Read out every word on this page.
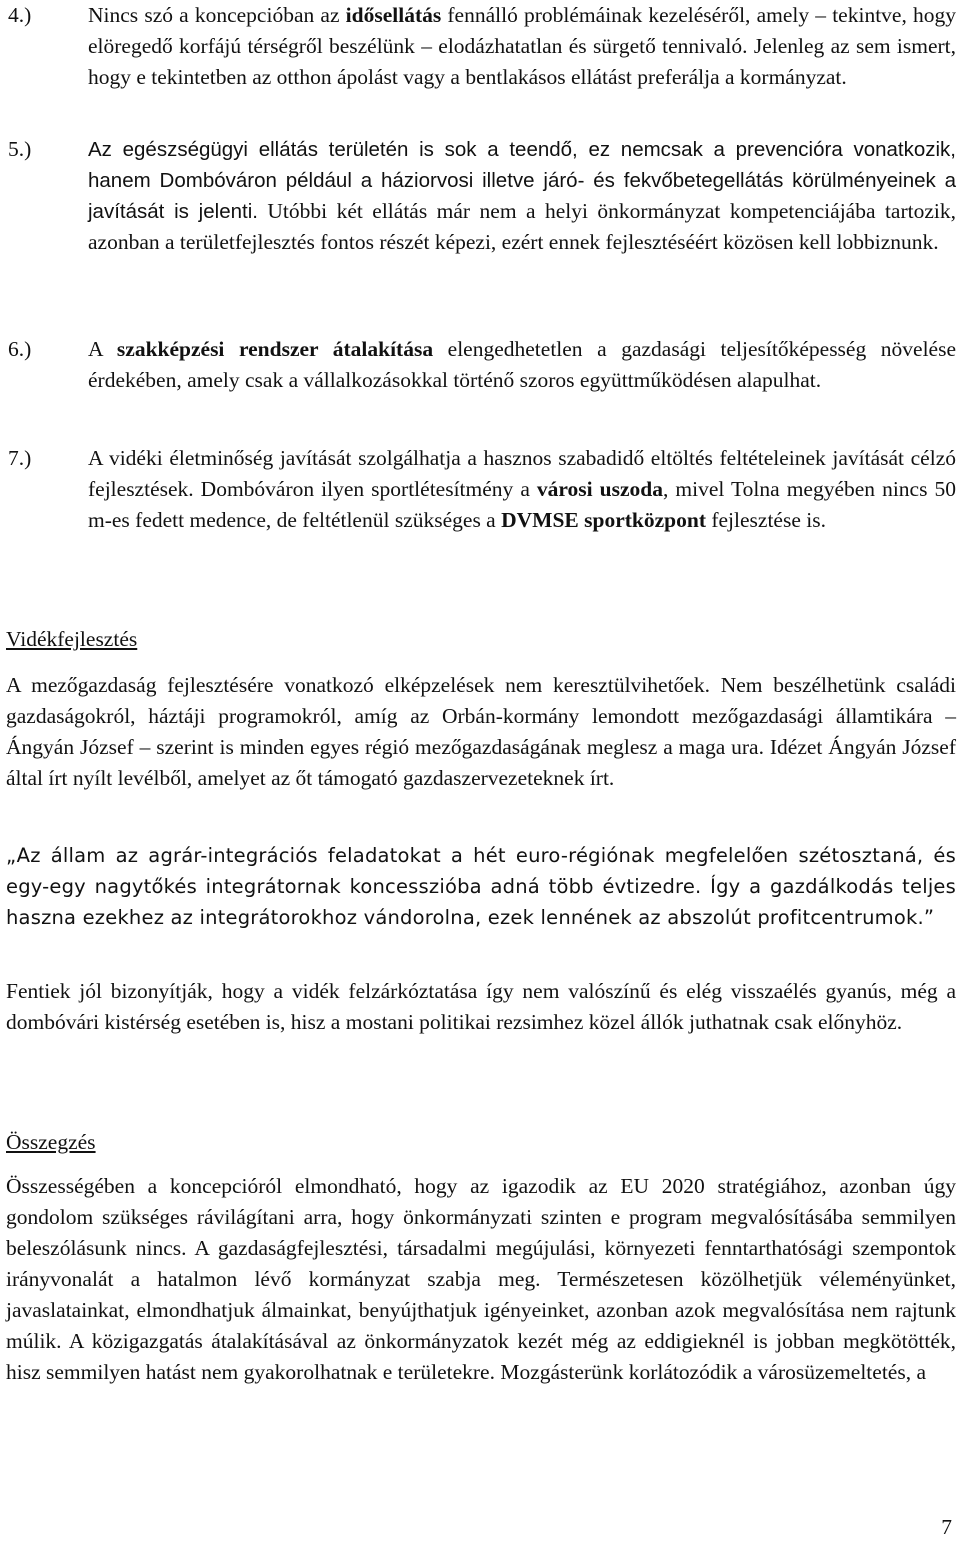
4.)	Nincs szó a koncepcióban az idősellátás fennálló problémáinak kezeléséről, amely – tekintve, hogy elöregedő korfájú térségről beszélünk – elodázhatatlan és sürgető tennivaló. Jelenleg az sem ismert, hogy e tekintetben az otthon ápolást vagy a bentlakásos ellátást preferálja a kormányzat.
5.)	Az egészségügyi ellátás területén is sok a teendő, ez nemcsak a prevencióra vonatkozik, hanem Dombóváron például a háziorvosi illetve járó- és fekvőbetegellátás körülményeinek a javítását is jelenti. Utóbbi két ellátás már nem a helyi önkormányzat kompetenciájába tartozik, azonban a területfejlesztés fontos részét képezi, ezért ennek fejlesztéséért közösen kell lobbiznunk.
6.)	A szakképzési rendszer átalakítása elengedhetetlen a gazdasági teljesítőképesség növelése érdekében, amely csak a vállalkozásokkal történő szoros együttműködésen alapulhat.
7.)	A vidéki életminőség javítását szolgálhatja a hasznos szabadidő eltöltés feltételeinek javítását célzó fejlesztések. Dombóváron ilyen sportlétesítmény a városi uszoda, mivel Tolna megyében nincs 50 m-es fedett medence, de feltétlenül szükséges a DVMSE sportközpont fejlesztése is.
Vidékfejlesztés
A mezőgazdaság fejlesztésére vonatkozó elképzelések nem keresztülvihetőek. Nem beszélhetünk családi gazdaságokról, háztáji programokról, amíg az Orbán-kormány lemondott mezőgazdasági államtikára – Ángyán József – szerint is minden egyes régió mezőgazdaságának meglesz a maga ura. Idézet Ángyán József által írt nyílt levélből, amelyet az őt támogató gazdaszervezeteknek írt.
„Az állam az agrár-integrációs feladatokat a hét euro-régiónak megfelelően szétosztaná, és egy-egy nagytőkés integrátornak koncesszióba adná több évtizedre. Így a gazdálkodás teljes haszna ezekhez az integrátorokhoz vándorolna, ezek lennének az abszolút profitcentrumok.”
Fentiek jól bizonyítják, hogy a vidék felzárkóztatása így nem valószínű és elég visszaélés gyanús, még a dombóvári kistérség esetében is, hisz a mostani politikai rezsimhez közel állók juthatnak csak előnyhöz.
Összegzés
Összességében a koncepcióról elmondható, hogy az igazodik az EU 2020 stratégiához, azonban úgy gondolom szükséges rávilágítani arra, hogy önkormányzati szinten e program megvalósításába semmilyen beleszólásunk nincs. A gazdaságfejlesztési, társadalmi megújulási, környezeti fenntarthatósági szempontok irányvonalát a hatalmon lévő kormányzat szabja meg. Természetesen közölhetjük véleményünket, javaslatainkat, elmondhatjuk álmainkat, benyújthatjuk igényeinket, azonban azok megvalósítása nem rajtunk múlik. A közigazgatás átalakításával az önkormányzatok kezét még az eddigieknél is jobban megkötötték, hisz semmilyen hatást nem gyakorolhatnak e területekre. Mozgásterünk korlátozódik a városüzemeltetés, a
7
